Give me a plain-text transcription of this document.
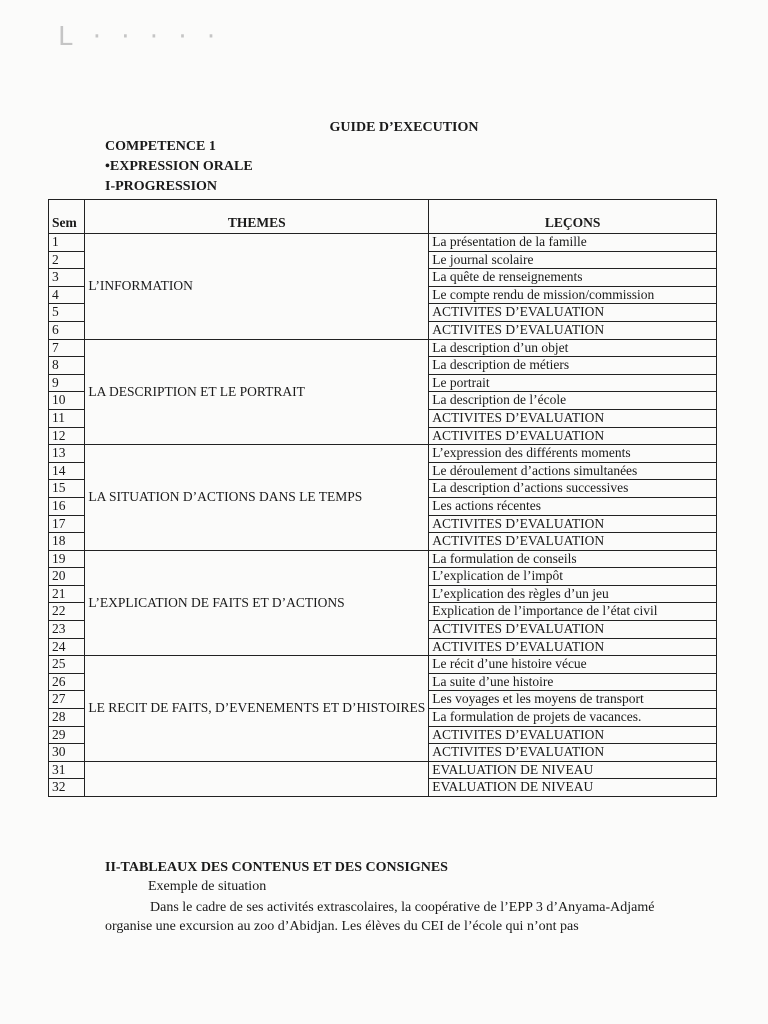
L · · · · ·
GUIDE D’EXECUTION
COMPETENCE 1
•EXPRESSION ORALE
I-PROGRESSION
Sem	THEMES	LEÇONS
1	L’INFORMATION	La présentation de la famille
2		Le journal scolaire
3		La quête de renseignements
4		Le compte rendu de mission/commission
5		ACTIVITES D’EVALUATION
6		ACTIVITES D’EVALUATION
7	LA DESCRIPTION ET LE PORTRAIT	La description d’un objet
8		La description de métiers
9		Le portrait
10		La description de l’école
11		ACTIVITES D’EVALUATION
12		ACTIVITES D’EVALUATION
13	LA SITUATION D’ACTIONS DANS LE TEMPS	L’expression des différents moments
14		Le déroulement d’actions simultanées
15		La description d’actions successives
16		Les actions récentes
17		ACTIVITES D’EVALUATION
18		ACTIVITES D’EVALUATION
19	L’EXPLICATION DE FAITS ET D’ACTIONS	La formulation de conseils
20		L’explication de l’impôt
21		L’explication des règles d’un jeu
22		Explication de l’importance de l’état civil
23		ACTIVITES D’EVALUATION
24		ACTIVITES D’EVALUATION
25	LE RECIT DE FAITS, D’EVENEMENTS ET D’HISTOIRES	Le récit d’une histoire vécue
26		La suite d’une histoire
27		Les voyages et les moyens de transport
28		La formulation de projets de vacances.
29		ACTIVITES D’EVALUATION
30		ACTIVITES D’EVALUATION
31		EVALUATION DE NIVEAU
32		EVALUATION DE NIVEAU
II-TABLEAUX DES CONTENUS ET DES CONSIGNES
Exemple de situation
Dans le cadre de ses activités extrascolaires, la coopérative de l’EPP 3 d’Anyama-Adjamé organise une excursion au zoo d’Abidjan. Les élèves du CEI de l’école qui n’ont pas
